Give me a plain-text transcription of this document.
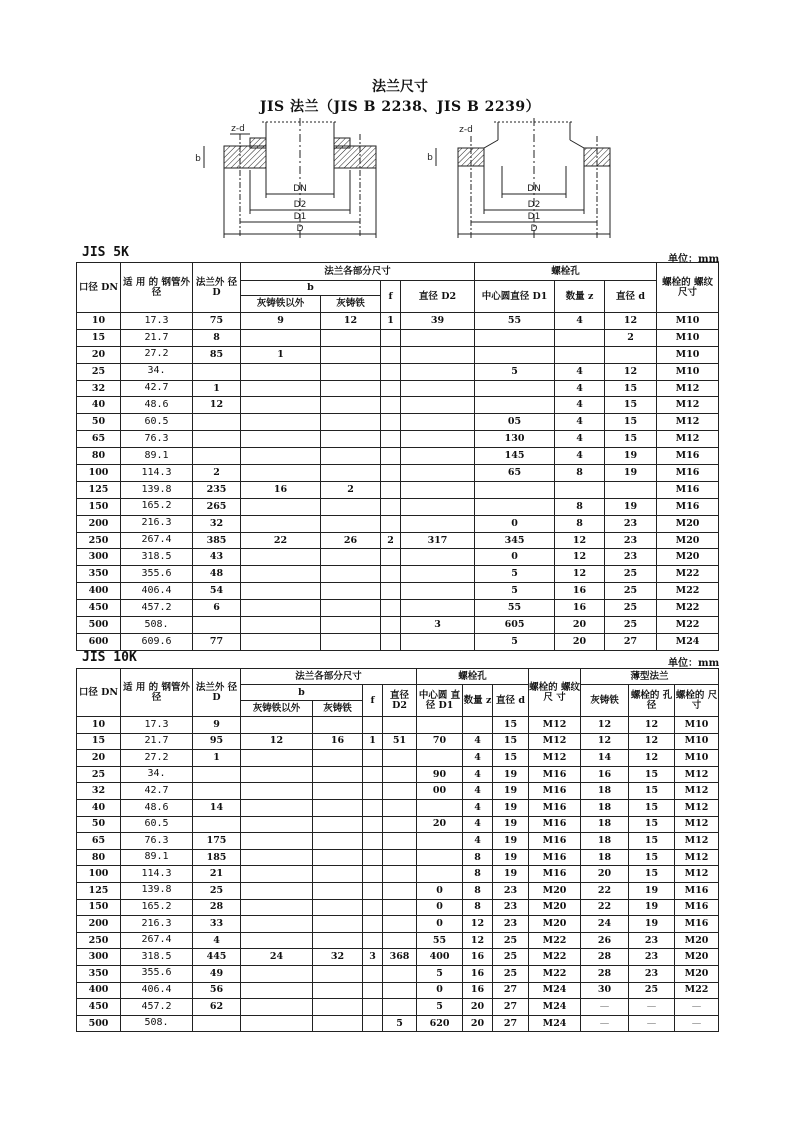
法兰尺寸
JIS 法兰（JIS B 2238、JIS B 2239）
z-d
b
DN
D2
D1
D
z-d
b
DN
D2
D1
D
JIS 5K	单位：mm
口径 DN	适 用 的 钢管外径	法兰外 径 D	法兰各部分尺寸				螺栓孔			螺栓的 螺纹 尺寸
			b		f	直径 D2	中心圆直径 D1	数量 z	直径 d	
			灰铸铁以外	灰铸铁						
10	17.3	75	9	12	1	39	55	4	12	M10
15	21.7	8							2	M10
20	27.2	85	1							M10
25	34.						5	4	12	M10
32	42.7	1						4	15	M12
40	48.6	12						4	15	M12
50	60.5						05	4	15	M12
65	76.3						130	4	15	M12
80	89.1						145	4	19	M16
100	114.3	2					65	8	19	M16
125	139.8	235	16	2						M16
150	165.2	265						8	19	M16
200	216.3	32					0	8	23	M20
250	267.4	385	22	26	2	317	345	12	23	M20
300	318.5	43					0	12	23	M20
350	355.6	48					5	12	25	M22
400	406.4	54					5	16	25	M22
450	457.2	6					55	16	25	M22
500	508.					3	605	20	25	M22
600	609.6	77					5	20	27	M24
JIS 10K	单位：mm
口径 DN	适 用 的 钢管外径	法兰外 径 D	法兰各部分尺寸				螺栓孔			螺栓的 螺纹尺 寸	薄型法兰		
			b		f	直径 D2	中心圆 直径 D1	数量 z	直径 d		灰铸铁	螺栓的 孔径	螺栓的 尺寸
			灰铸铁以外	灰铸铁									
10	17.3	9							15	M12	12	12	M10
15	21.7	95	12	16	1	51	70	4	15	M12	12	12	M10
20	27.2	1						4	15	M12	14	12	M10
25	34.						90	4	19	M16	16	15	M12
32	42.7						00	4	19	M16	18	15	M12
40	48.6	14						4	19	M16	18	15	M12
50	60.5						20	4	19	M16	18	15	M12
65	76.3	175						4	19	M16	18	15	M12
80	89.1	185						8	19	M16	18	15	M12
100	114.3	21						8	19	M16	20	15	M12
125	139.8	25					0	8	23	M20	22	19	M16
150	165.2	28					0	8	23	M20	22	19	M16
200	216.3	33					0	12	23	M20	24	19	M16
250	267.4	4					55	12	25	M22	26	23	M20
300	318.5	445	24	32	3	368	400	16	25	M22	28	23	M20
350	355.6	49					5	16	25	M22	28	23	M20
400	406.4	56					0	16	27	M24	30	25	M22
450	457.2	62					5	20	27	M24	—	—	—
500	508.					5	620	20	27	M24	—	—	—
